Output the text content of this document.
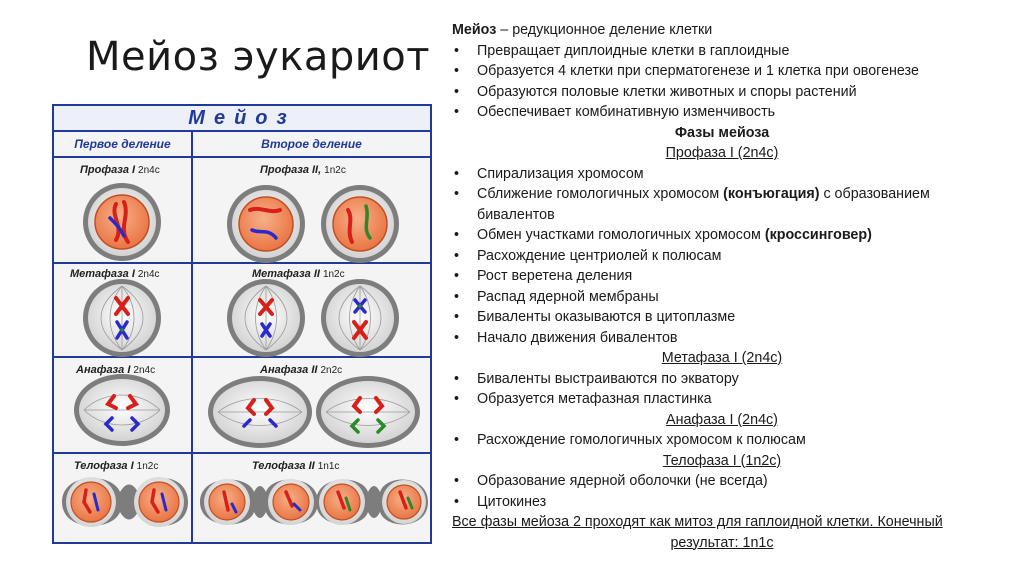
Мейоз эукариот
Мейоз
Первое деление	Второе деление
Профаза I 2n4c	Профаза II, 1n2c
Метафаза I 2n4c	Метафаза II 1n2c
Анафаза I 2n4c	Анафаза II 2n2c
Телофаза I 1n2c	Телофаза II 1n1c
Мейоз – редукционное деление клетки
• Превращает диплоидные клетки в гаплоидные
• Образуется 4 клетки при сперматогенезе и 1 клетка при овогенезе
• Образуются половые клетки животных и споры растений
• Обеспечивает комбинативную изменчивость
Фазы мейоза
Профаза I (2n4c)
• Спирализация хромосом
• Сближение гомологичных хромосом (конъюгация) с образованием
бивалентов
• Обмен участками гомологичных хромосом (кроссинговер)
• Расхождение центриолей к полюсам
• Рост веретена деления
• Распад ядерной мембраны
• Биваленты оказываются в цитоплазме
• Начало движения бивалентов
Метафаза I (2n4c)
• Биваленты выстраиваются по экватору
• Образуется метафазная пластинка
Анафаза I (2n4c)
• Расхождение гомологичных хромосом к полюсам
Телофаза I (1n2c)
• Образование ядерной оболочки (не всегда)
• Цитокинез
Все фазы мейоза 2 проходят как митоз для гаплоидной клетки. Конечный
результат: 1n1c
